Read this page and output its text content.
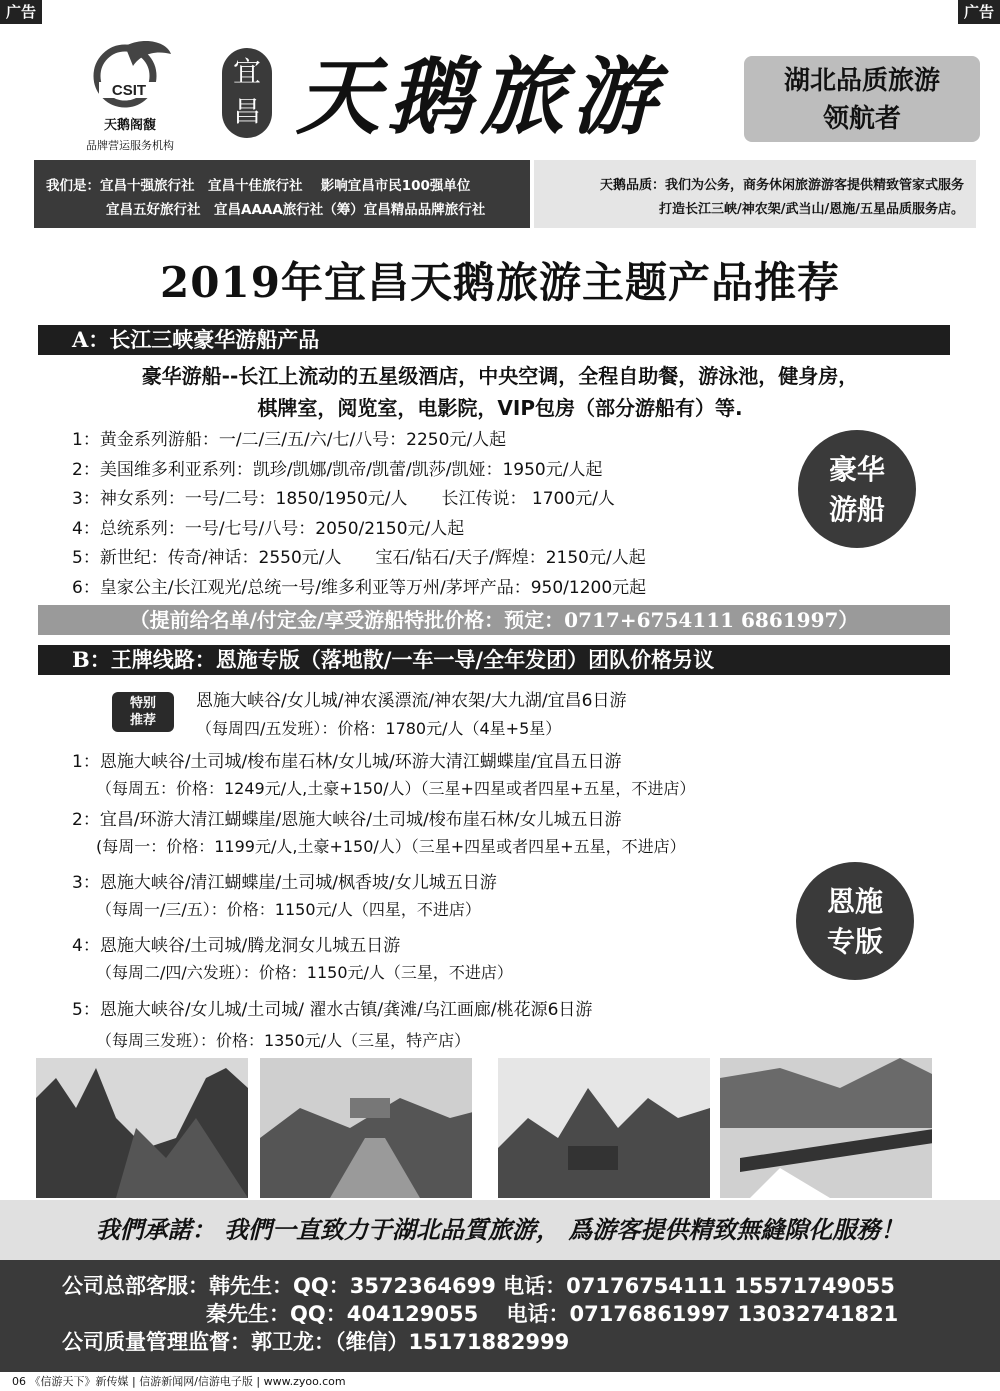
广告	广告
CSIT
天鹅阁馥
品牌营运服务机构
宜
昌 天鹅旅游	湖北品质旅游
领航者
我们是：宜昌十强旅行社　宜昌十佳旅行社　 影响宜昌市民100强单位
宜昌五好旅行社　宜昌AAAA旅行社（筹）宜昌精品品牌旅行社
天鹅品质：我们为公务，商务休闲旅游游客提供精致管家式服务
打造长江三峡/神农架/武当山/恩施/五星品质服务店。
2019年宜昌天鹅旅游主题产品推荐
A：长江三峡豪华游船产品
豪华游船--长江上流动的五星级酒店，中央空调，全程自助餐，游泳池，健身房，
棋牌室，阅览室，电影院，VIP包房（部分游船有）等.
1：黄金系列游船：一/二/三/五/六/七/八号：2250元/人起
2：美国维多利亚系列：凯珍/凯娜/凯帝/凯蕾/凯莎/凯娅：1950元/人起
3：神女系列：一号/二号：1850/1950元/人　　长江传说： 1700元/人
4：总统系列：一号/七号/八号：2050/2150元/人起
5：新世纪：传奇/神话：2550元/人　　宝石/钻石/天子/辉煌：2150元/人起
6：皇家公主/长江观光/总统一号/维多利亚等万州/茅坪产品：950/1200元起
豪华
游船
（提前给名单/付定金/享受游船特批价格：预定：0717+6754111 6861997）
B：王牌线路：恩施专版（落地散/一车一导/全年发团）团队价格另议
特别
推荐
恩施大峡谷/女儿城/神农溪漂流/神农架/大九湖/宜昌6日游
（每周四/五发班）：价格：1780元/人（4星+5星）
1：恩施大峡谷/土司城/梭布崖石林/女儿城/环游大清江蝴蝶崖/宜昌五日游
（每周五：价格：1249元/人,土豪+150/人）（三星+四星或者四星+五星，不进店）
2：宜昌/环游大清江蝴蝶崖/恩施大峡谷/土司城/梭布崖石林/女儿城五日游
(每周一：价格：1199元/人,土豪+150/人）（三星+四星或者四星+五星，不进店）
3：恩施大峡谷/清江蝴蝶崖/土司城/枫香坡/女儿城五日游
（每周一/三/五）：价格：1150元/人（四星，不进店）
4：恩施大峡谷/土司城/腾龙洞女儿城五日游
（每周二/四/六发班）：价格：1150元/人（三星，不进店）
5：恩施大峡谷/女儿城/土司城/ 濯水古镇/龚滩/乌江画廊/桃花源6日游
（每周三发班）：价格：1350元/人（三星，特产店）
恩施
专版
我們承諾： 我們一直致力于湖北品質旅游， 爲游客提供精致無縫隙化服務！
公司总部客服：韩先生：QQ：3572364699 电话：07176754111 15571749055
秦先生：QQ：404129055　 电话：07176861997 13032741821
公司质量管理监督：郭卫龙：（维信）15171882999
06 《信游天下》新传媒 | 信游新闻网/信游电子版 | www.zyoo.com
